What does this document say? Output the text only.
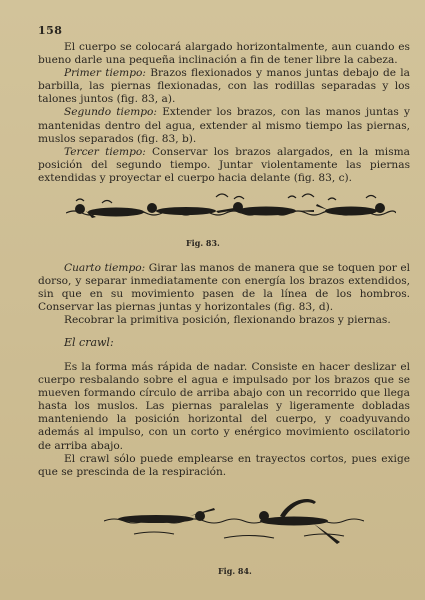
158

El cuerpo se colocará alargado horizontalmente, aun cuando es bueno darle una pequeña inclinación a fin de tener libre la cabeza.

Primer tiempo: Brazos flexionados y manos juntas debajo de la barbilla, las piernas flexionadas, con las rodillas separadas y los talones juntos (fig. 83, a).

Segundo tiempo: Extender los brazos, con las manos juntas y mantenidas dentro del agua, extender al mismo tiempo las piernas, muslos separados (fig. 83, b).

Tercer tiempo: Conservar los brazos alargados, en la misma posición del segundo tiempo. Juntar violentamente las piernas extendidas y proyectar el cuerpo hacia delante (fig. 83, c).

Fig. 83.

Cuarto tiempo: Girar las manos de manera que se toquen por el dorso, y separar inmediatamente con energía los brazos extendidos, sin que en su movimiento pasen de la línea de los hombros. Conservar las piernas juntas y horizontales (fig. 83, d).

Recobrar la primitiva posición, flexionando brazos y piernas.

El crawl:

Es la forma más rápida de nadar. Consiste en hacer deslizar el cuerpo resbalando sobre el agua e impulsado por los brazos que se mueven formando círculo de arriba abajo con un recorrido que llega hasta los muslos. Las piernas paralelas y ligeramente dobladas manteniendo la posición horizontal del cuerpo, y coadyuvando además al impulso, con un corto y enérgico movimiento oscilatorio de arriba abajo.

El crawl sólo puede emplearse en trayectos cortos, pues exige que se prescinda de la respiración.

Fig. 84.
